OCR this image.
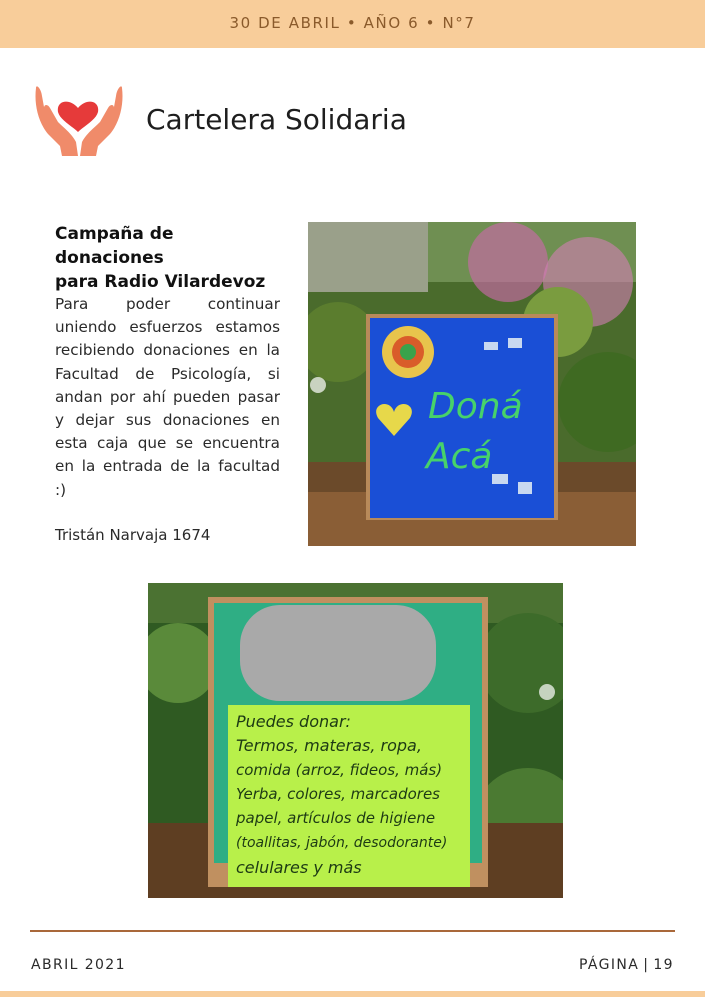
30 DE ABRIL • AÑO 6 • N°7
Cartelera Solidaria
Campaña de donaciones
para Radio Vilardevoz

Para poder continuar uniendo esfuerzos estamos recibiendo donaciones en la Facultad de Psicología, si andan por ahí pueden pasar y dejar sus donaciones en esta caja que se encuentra en la entrada de la facultad :)

Tristán Narvaja 1674
Doná
Acá
Puedes donar:
Termos, materas, ropa,
comida (arroz, fideos, más)
Yerba, colores, marcadores
papel, artículos de higiene
(toallitas, jabón, desodorante)
celulares y más
ABRIL 2021	PÁGINA | 19
